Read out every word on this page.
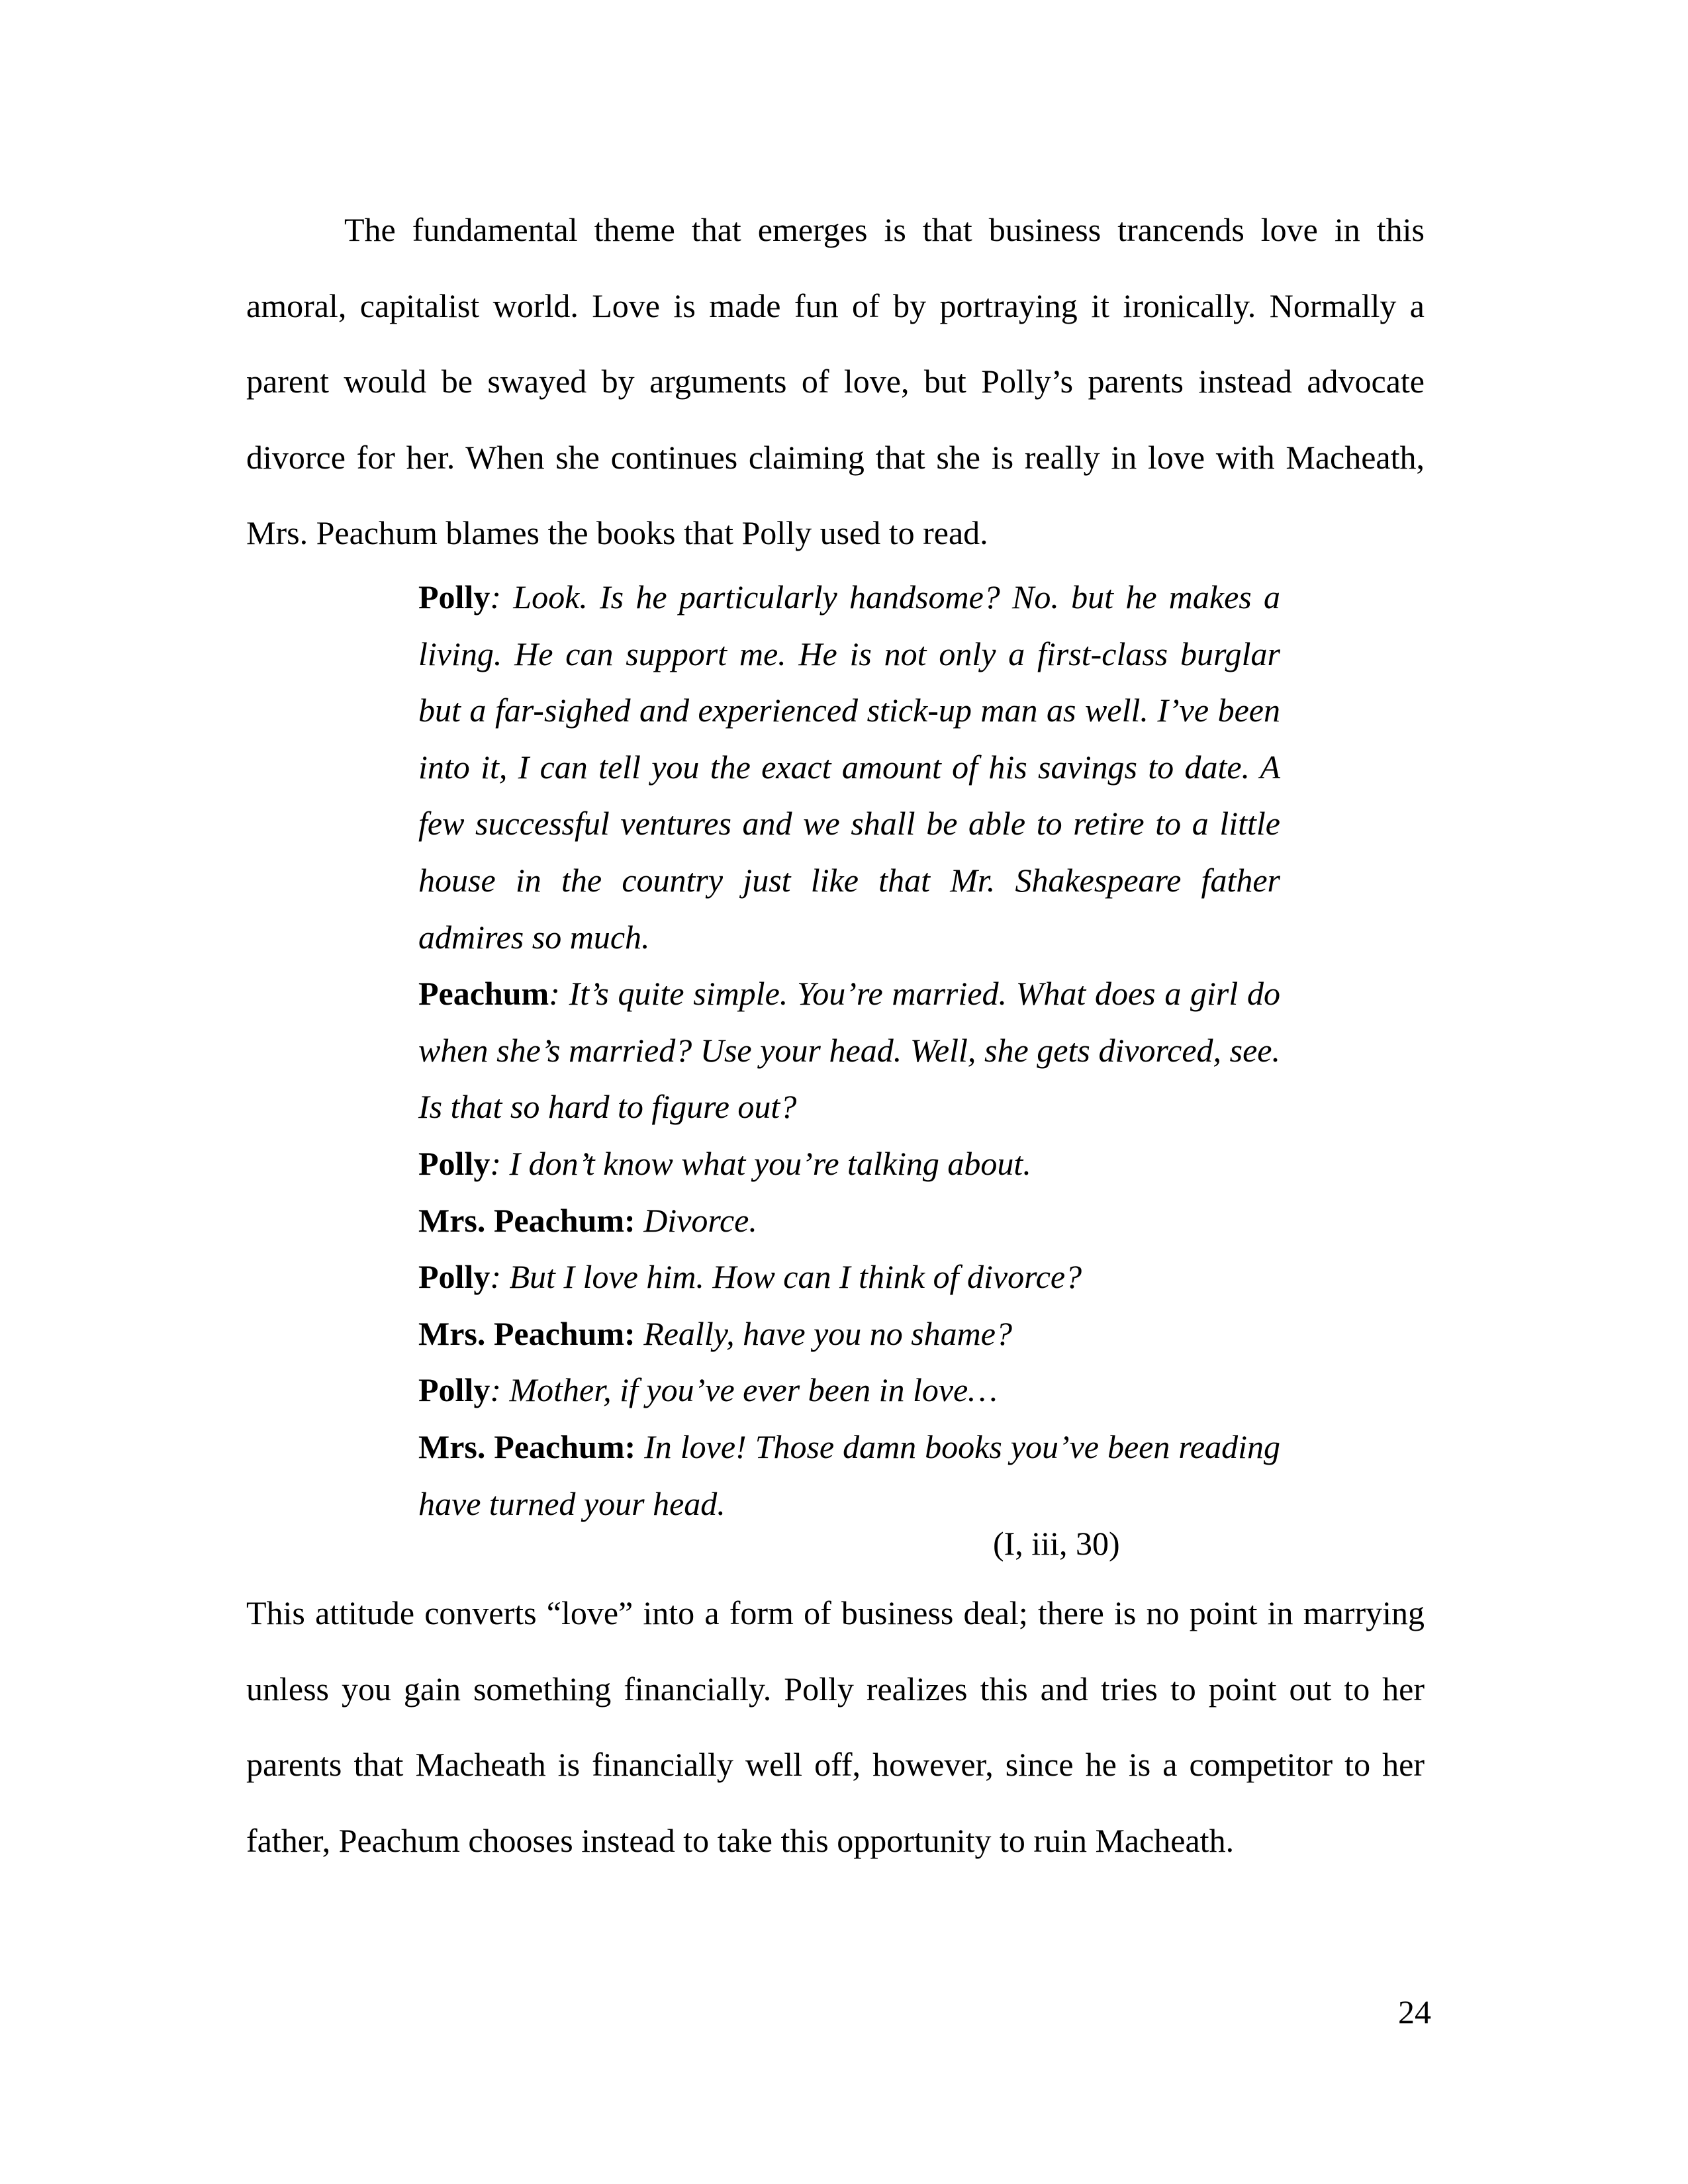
The fundamental theme that emerges is that business trancends love in this amoral, capitalist world. Love is made fun of by portraying it ironically. Normally a parent would be swayed by arguments of love, but Polly’s parents instead advocate divorce for her. When she continues claiming that she is really in love with Macheath, Mrs. Peachum blames the books that Polly used to read.

Polly: Look. Is he particularly handsome? No. but he makes a living. He can support me. He is not only a first-class burglar but a far-sighed and experienced stick-up man as well. I’ve been into it, I can tell you the exact amount of his savings to date. A few successful ventures and we shall be able to retire to a little house in the country just like that Mr. Shakespeare father admires so much.

Peachum: It’s quite simple. You’re married. What does a girl do when she’s married? Use your head. Well, she gets divorced, see. Is that so hard to figure out?

Polly: I don’t know what you’re talking about.

Mrs. Peachum: Divorce.

Polly: But I love him. How can I think of divorce?

Mrs. Peachum: Really, have you no shame?

Polly: Mother, if you’ve ever been in love…

Mrs. Peachum: In love! Those damn books you’ve been reading have turned your head.

(I, iii, 30)

This attitude converts “love” into a form of business deal; there is no point in marrying unless you gain something financially. Polly realizes this and tries to point out to her parents that Macheath is financially well off, however, since he is a competitor to her father, Peachum chooses instead to take this opportunity to ruin Macheath.

24
